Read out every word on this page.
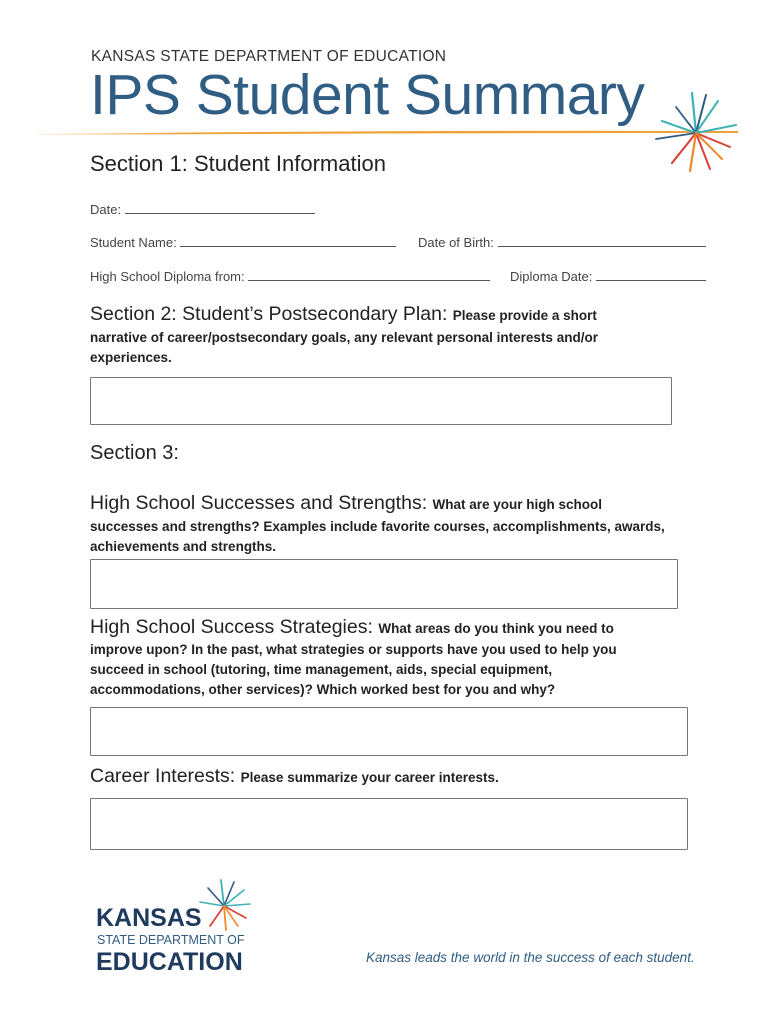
KANSAS STATE DEPARTMENT OF EDUCATION
IPS Student Summary
Section 1: Student Information
Date:
Student Name:	Date of Birth:
High School Diploma from:	Diploma Date:
Section 2: Student’s Postsecondary Plan: Please provide a short
narrative of career/postsecondary goals, any relevant personal interests and/or experiences.
Section 3:
High School Successes and Strengths: What are your high school
successes and strengths? Examples include favorite courses, accomplishments, awards, achievements and strengths.
High School Success Strategies: What areas do you think you need to
improve upon? In the past, what strategies or supports have you used to help you succeed in school (tutoring, time management, aids, special equipment, accommodations, other services)? Which worked best for you and why?
Career Interests: Please summarize your career interests.
KANSAS
STATE DEPARTMENT OF
EDUCATION	Kansas leads the world in the success of each student.
